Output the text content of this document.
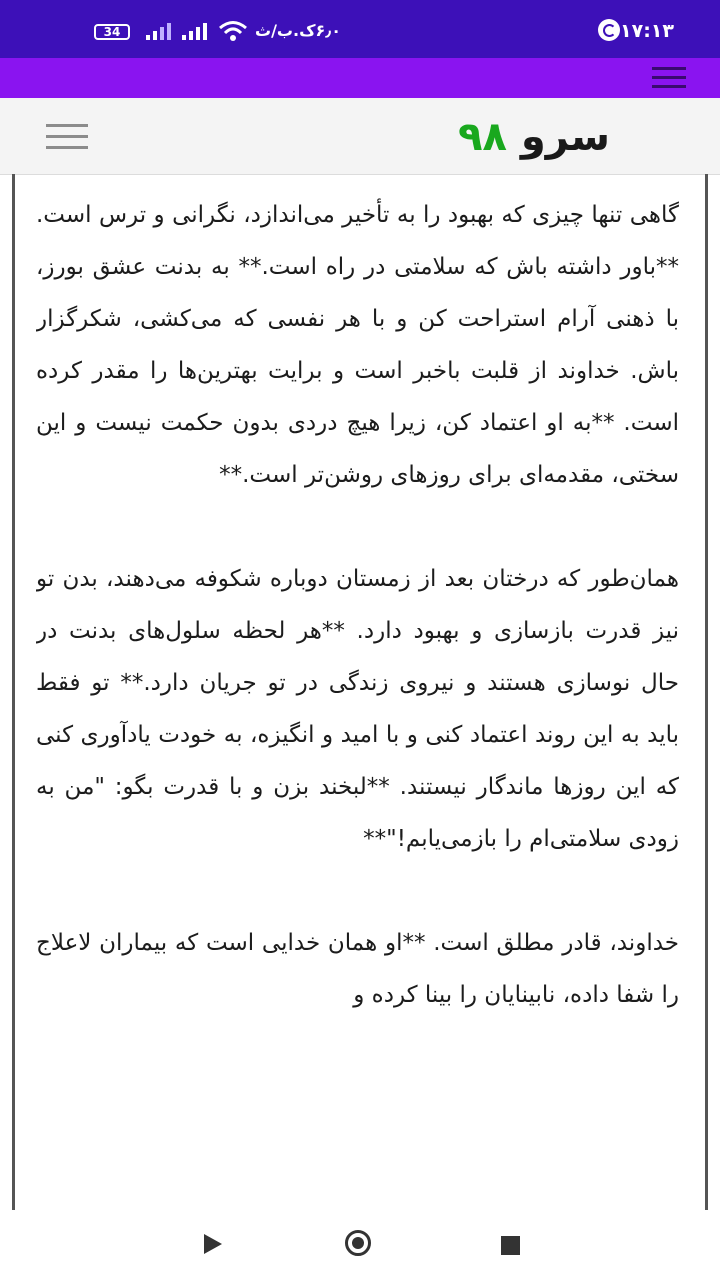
۱۷:۱۳
۶٫۰ک.ب/ث
34
سرو ۹۸

گاهی تنها چیزی که بهبود را به تأخیر می‌اندازد، نگرانی و ترس است. **باور داشته باش که سلامتی در راه است.** به بدنت عشق بورز، با ذهنی آرام استراحت کن و با هر نفسی که می‌کشی، شکرگزار باش. خداوند از قلبت باخبر است و برایت بهترین‌ها را مقدر کرده است. **به او اعتماد کن، زیرا هیچ دردی بدون حکمت نیست و این سختی، مقدمه‌ای برای روزهای روشن‌تر است.**

همان‌طور که درختان بعد از زمستان دوباره شکوفه می‌دهند، بدن تو نیز قدرت بازسازی و بهبود دارد. **هر لحظه سلول‌های بدنت در حال نوسازی هستند و نیروی زندگی در تو جریان دارد.** تو فقط باید به این روند اعتماد کنی و با امید و انگیزه، به خودت یادآوری کنی که این روزها ماندگار نیستند. **لبخند بزن و با قدرت بگو: "من به زودی سلامتی‌ام را بازمی‌یابم!"**

خداوند، قادر مطلق است. **او همان خدایی است که بیماران لاعلاج را شفا داده، نابینایان را بینا کرده و
